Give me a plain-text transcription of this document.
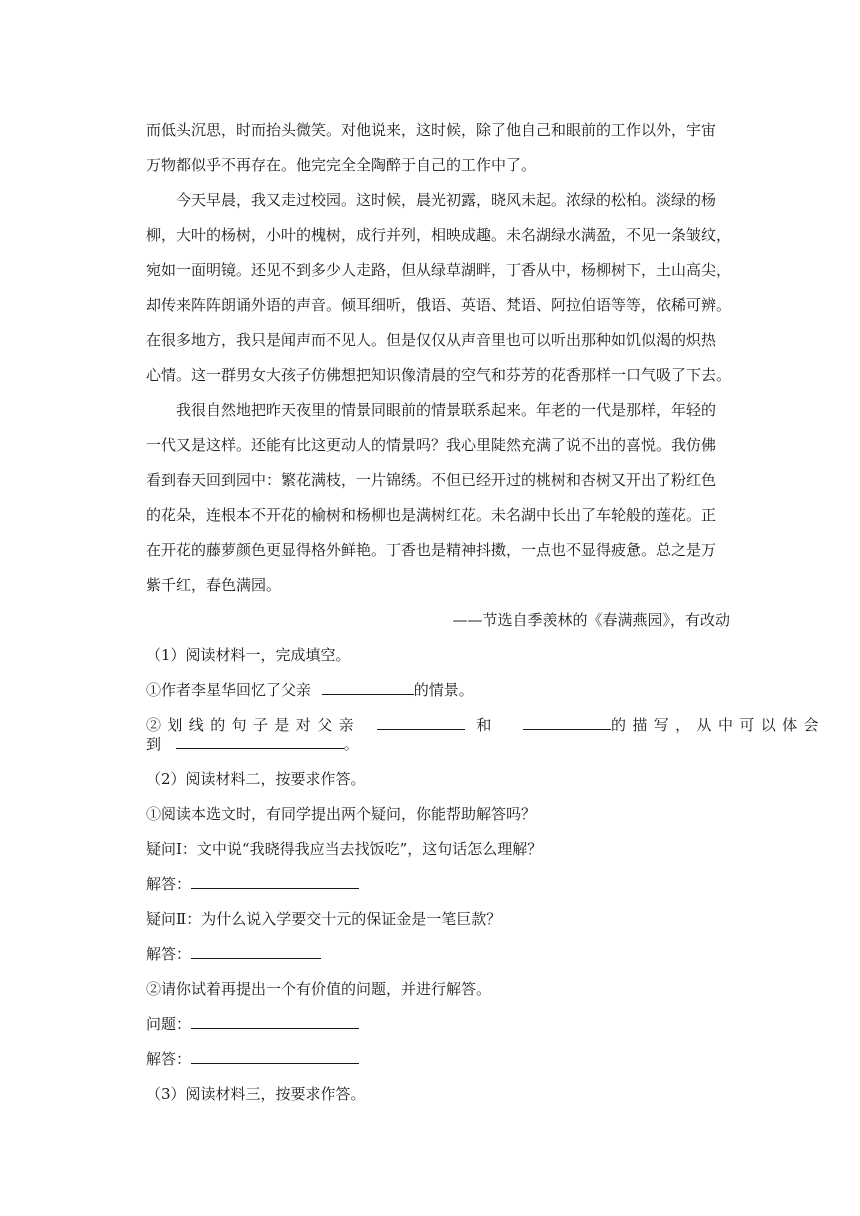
而低头沉思，时而抬头微笑。对他说来，这时候，除了他自己和眼前的工作以外，宇宙
万物都似乎不再存在。他完完全全陶醉于自己的工作中了。
今天早晨，我又走过校园。这时候，晨光初露，晓风未起。浓绿的松柏。淡绿的杨
柳，大叶的杨树，小叶的槐树，成行并列，相映成趣。未名湖绿水满盈，不见一条皱纹，
宛如一面明镜。还见不到多少人走路，但从绿草湖畔，丁香从中，杨柳树下，土山高尖，
却传来阵阵朗诵外语的声音。倾耳细听，俄语、英语、梵语、阿拉伯语等等，依稀可辨。
在很多地方，我只是闻声而不见人。但是仅仅从声音里也可以听出那种如饥似渴的炽热
心情。这一群男女大孩子仿佛想把知识像清晨的空气和芬芳的花香那样一口气吸了下去。
我很自然地把昨天夜里的情景同眼前的情景联系起来。年老的一代是那样，年轻的
一代又是这样。还能有比这更动人的情景吗？我心里陡然充满了说不出的喜悦。我仿佛
看到春天回到园中：繁花满枝，一片锦绣。不但已经开过的桃树和杏树又开出了粉红色
的花朵，连根本不开花的榆树和杨柳也是满树红花。未名湖中长出了车轮般的莲花。正
在开花的藤萝颜色更显得格外鲜艳。丁香也是精神抖擞，一点也不显得疲惫。总之是万
紫千红，春色满园。
——节选自季羡林的《春满燕园》，有改动
（1）阅读材料一，完成填空。
①作者李星华回忆了父亲	的情景。
②划线的句子是对父亲	和	的描写，从中可以体会
到	。
（2）阅读材料二，按要求作答。
①阅读本选文时，有同学提出两个疑问，你能帮助解答吗？
疑问Ⅰ：文中说“我晓得我应当去找饭吃”，这句话怎么理解？
解答：
疑问Ⅱ：为什么说入学要交十元的保证金是一笔巨款？
解答：
②请你试着再提出一个有价值的问题，并进行解答。
问题：
解答：
（3）阅读材料三，按要求作答。
